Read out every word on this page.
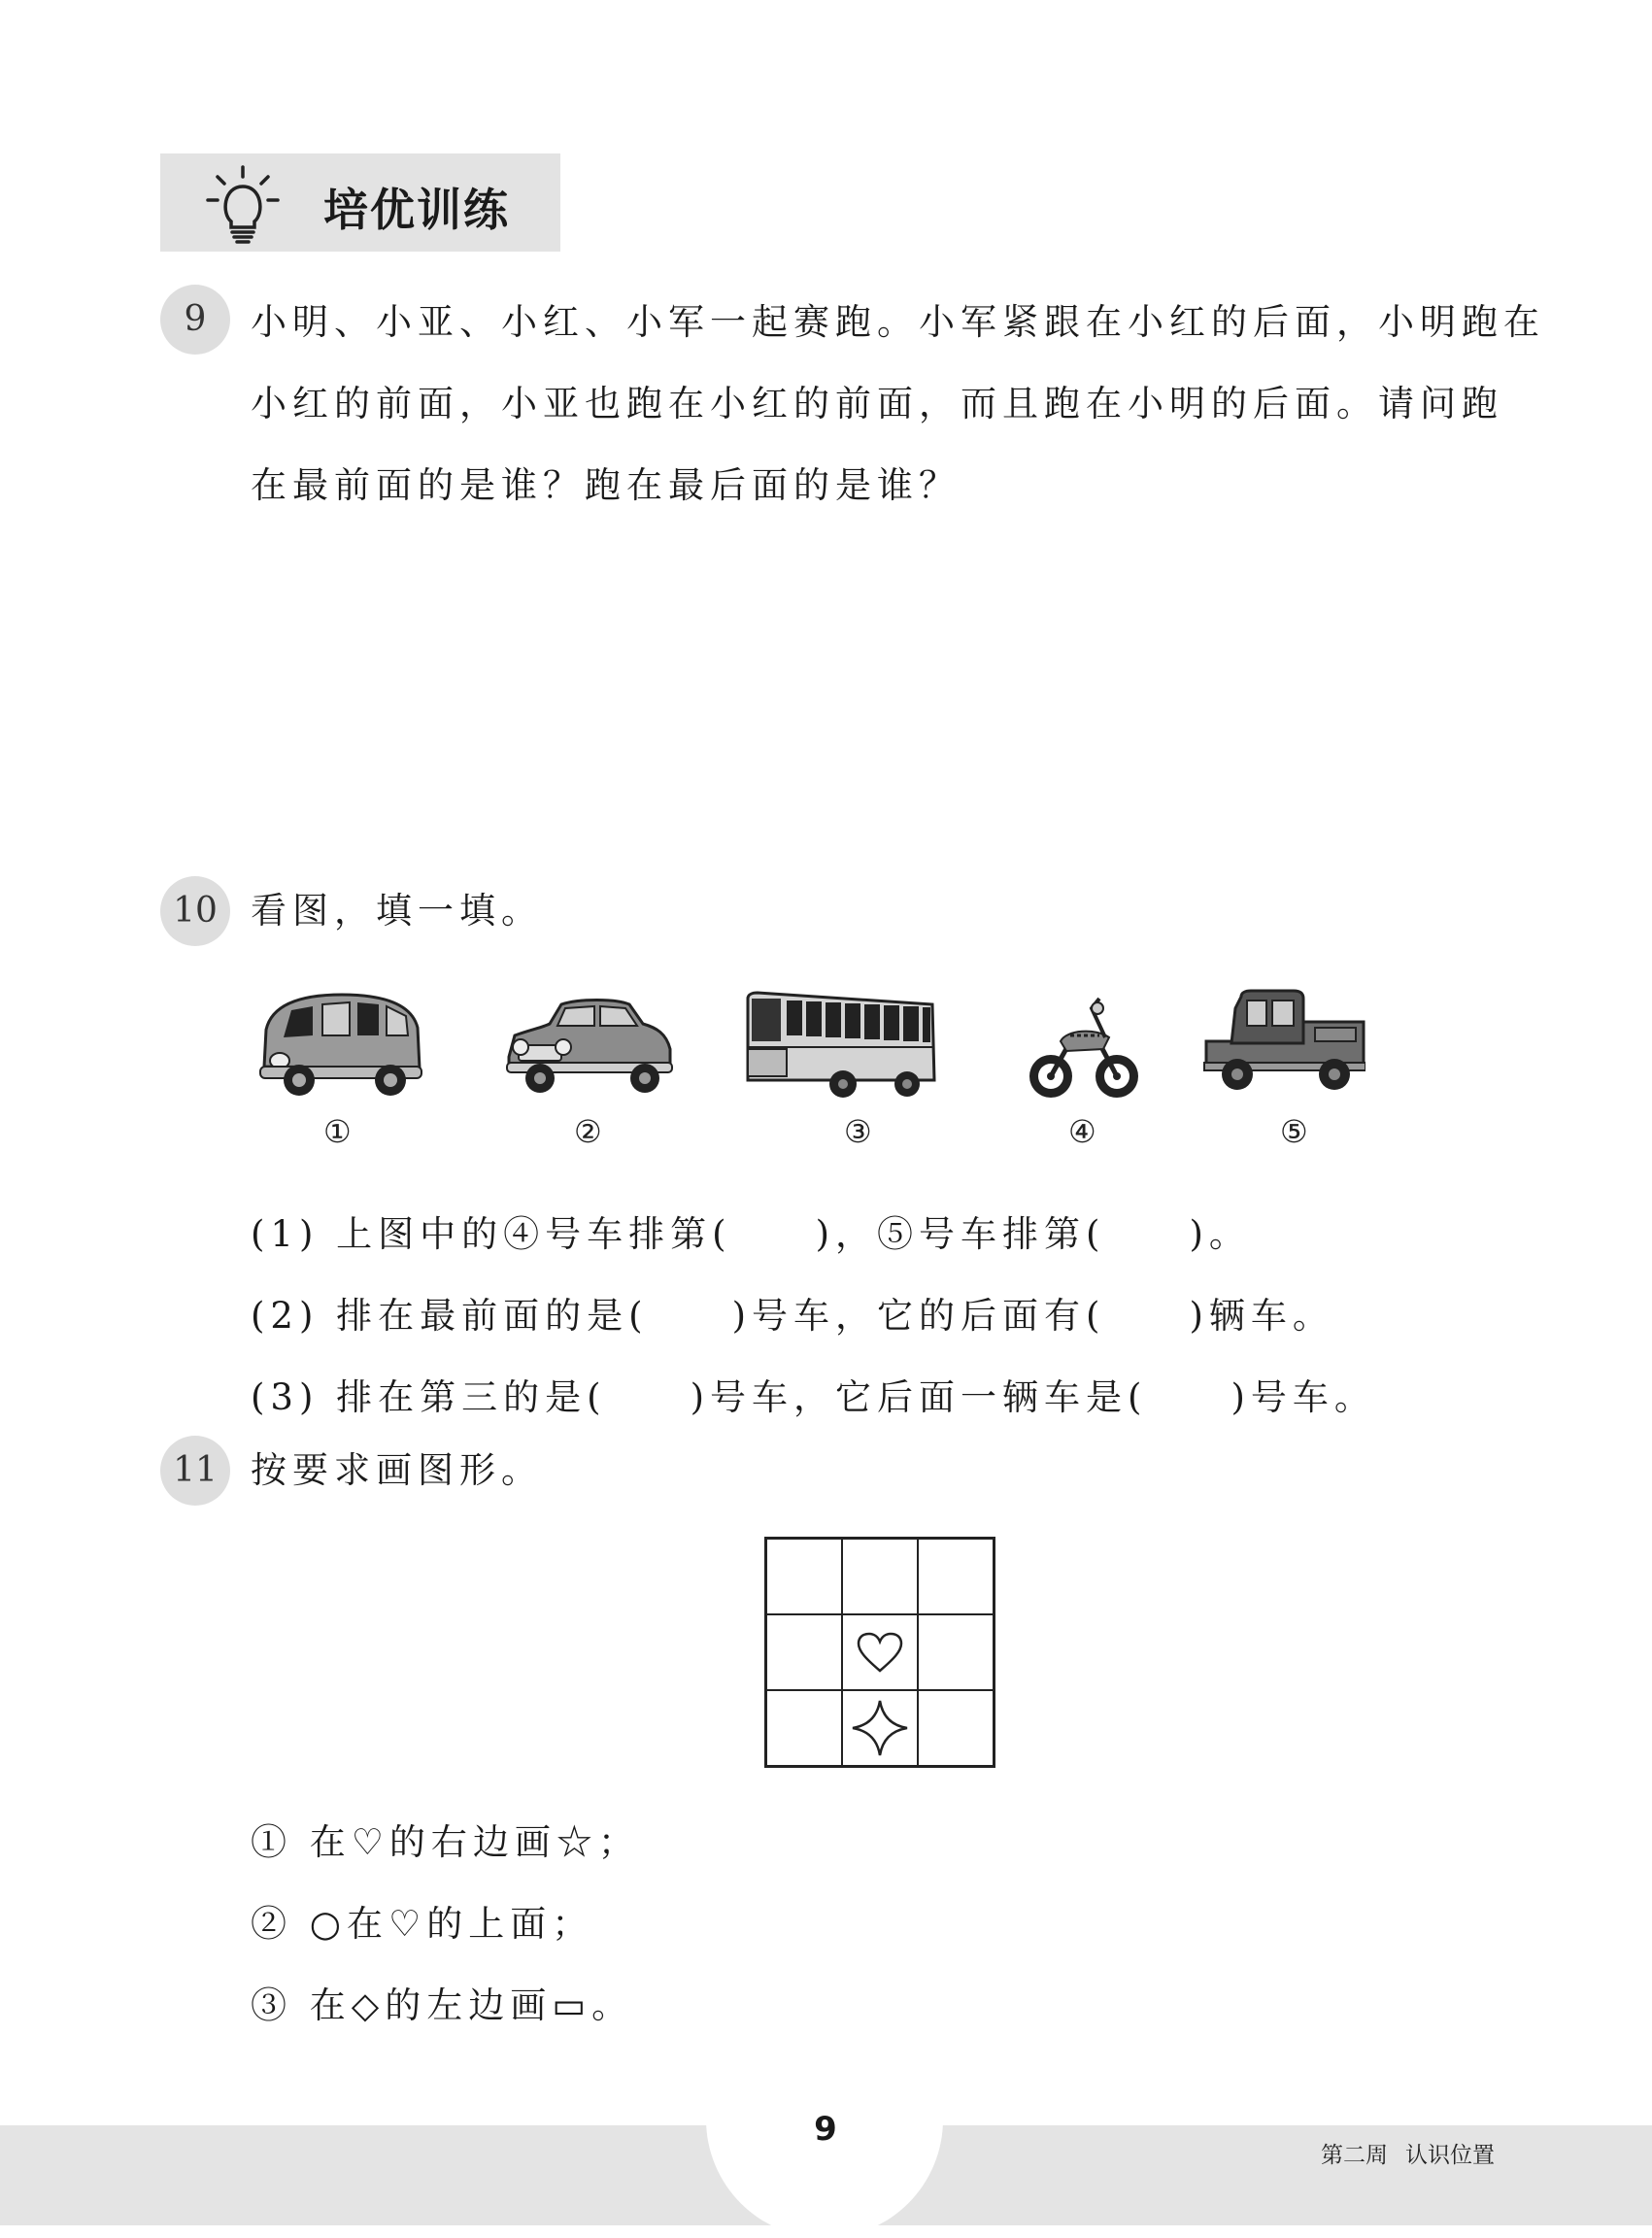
培优训练
9	小明、小亚、小红、小军一起赛跑。小军紧跟在小红的后面，小明跑在
小红的前面，小亚也跑在小红的前面，而且跑在小明的后面。请问跑
在最前面的是谁？跑在最后面的是谁？
10 看图，填一填。
①	②	③	④	⑤
(1) 上图中的④号车排第(　　)，⑤号车排第(　　)。
(2) 排在最前面的是(　　)号车，它的后面有(　　)辆车。
(3) 排在第三的是(　　)号车，它后面一辆车是(　　)号车。
11 按要求画图形。
① 在♡的右边画☆；
② ○在♡的上面；
③ 在◇的左边画▭。
9
第二周 认识位置
